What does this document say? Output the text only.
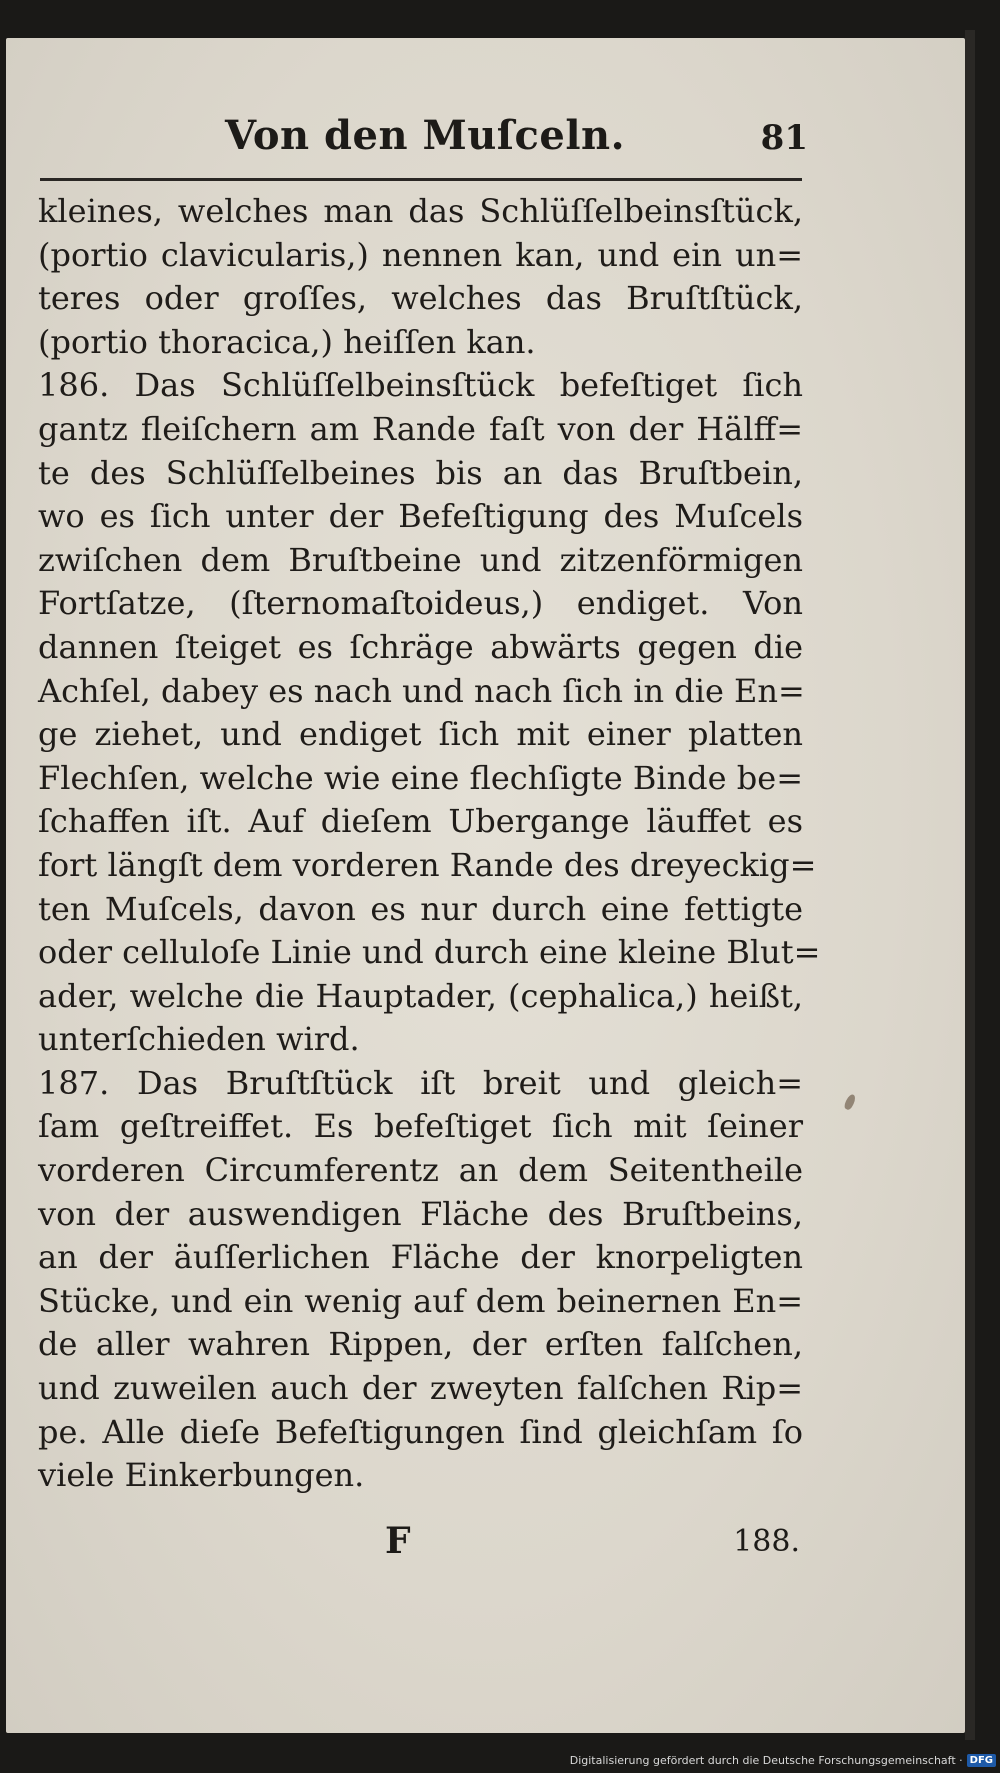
Von den Muſceln.	81
kleines, welches man das Schlüſſelbeinsſtück,
(portio clavicularis,) nennen kan, und ein un=
teres oder groſſes, welches das Bruſtſtück,
(portio thoracica,) heiſſen kan.
186. Das Schlüſſelbeinsſtück befeſtiget ſich
gantz fleiſchern am Rande faſt von der Hälff=
te des Schlüſſelbeines bis an das Bruſtbein,
wo es ſich unter der Befeſtigung des Muſcels
zwiſchen dem Bruſtbeine und zitzenförmigen
Fortſatze, (ſternomaſtoideus,) endiget. Von
dannen ſteiget es ſchräge abwärts gegen die
Achſel, dabey es nach und nach ſich in die En=
ge ziehet, und endiget ſich mit einer platten
Flechſen, welche wie eine flechſigte Binde be=
ſchaffen iſt. Auf dieſem Ubergange läuffet es
fort längſt dem vorderen Rande des dreyeckig=
ten Muſcels, davon es nur durch eine fettigte
oder celluloſe Linie und durch eine kleine Blut=
ader, welche die Hauptader, (cephalica,) heißt,
unterſchieden wird.
187. Das Bruſtſtück iſt breit und gleich=
ſam geſtreiffet. Es befeſtiget ſich mit ſeiner
vorderen Circumferentz an dem Seitentheile
von der auswendigen Fläche des Bruſtbeins,
an der äuſſerlichen Fläche der knorpeligten
Stücke, und ein wenig auf dem beinernen En=
de aller wahren Rippen, der erſten falſchen,
und zuweilen auch der zweyten falſchen Rip=
pe. Alle dieſe Befeſtigungen ſind gleichſam ſo
viele Einkerbungen.
F	188.
Digitalisierung gefördert durch die Deutsche Forschungsgemeinschaft · DFG
